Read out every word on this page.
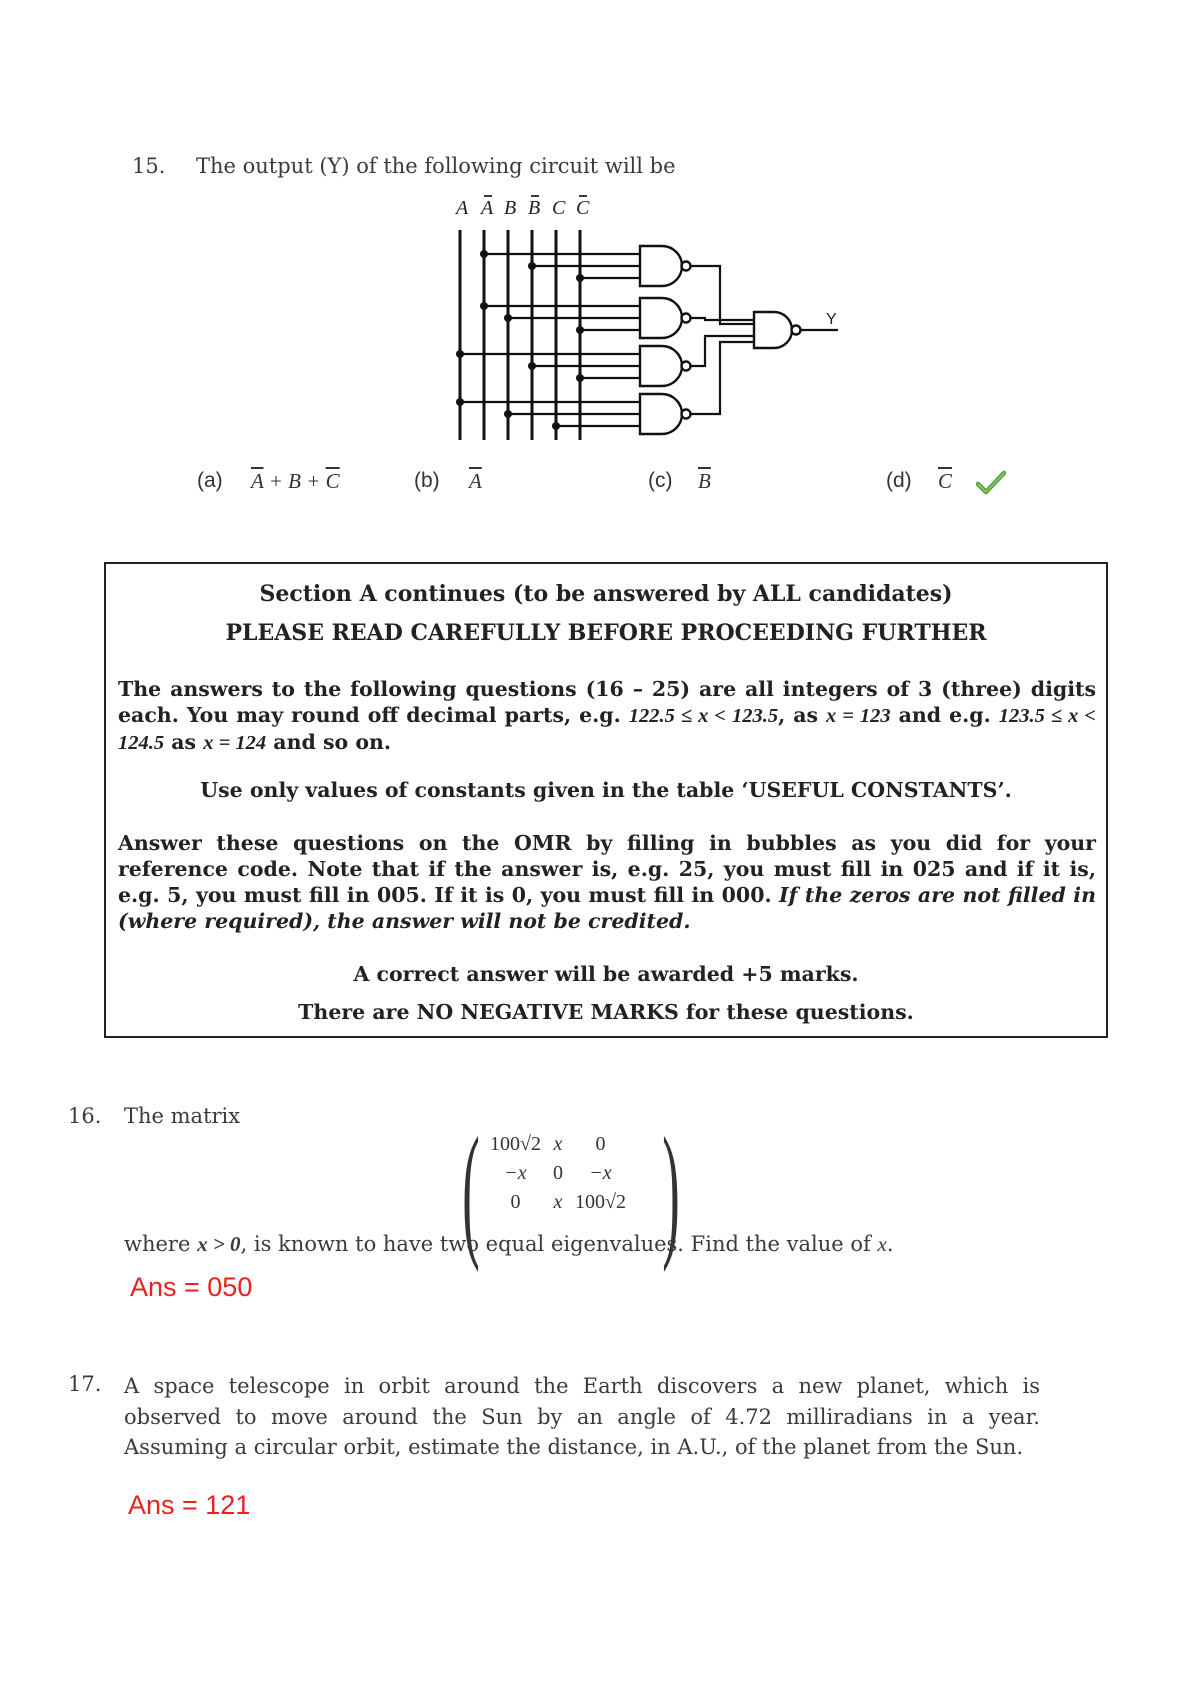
15. The output (Y) of the following circuit will be
A A B B C C
Y
(a) $\overline{A} + B + \overline{C}$	(b) $\overline{A}$	(c) $\overline{B}$	(d) $\overline{C}$
Section A continues (to be answered by ALL candidates)
PLEASE READ CAREFULLY BEFORE PROCEEDING FURTHER
The answers to the following questions (16 – 25) are all integers of 3 (three) digits each. You may round off decimal parts, e.g. 122.5 ≤ x < 123.5, as x = 123 and e.g. 123.5 ≤ x < 124.5 as x = 124 and so on.
Use only values of constants given in the table ‘USEFUL CONSTANTS’.
Answer these questions on the OMR by filling in bubbles as you did for your reference code. Note that if the answer is, e.g. 25, you must fill in 025 and if it is, e.g. 5, you must fill in 005. If it is 0, you must fill in 000. If the zeros are not filled in (where required), the answer will not be credited.
A correct answer will be awarded +5 marks.
There are NO NEGATIVE MARKS for these questions.
16. The matrix ( 100√2	x	0
−x	0	−x
0	x	100√2 )
where x > 0, is known to have two equal eigenvalues. Find the value of x.
Ans = 050
17. A space telescope in orbit around the Earth discovers a new planet, which is observed to move around the Sun by an angle of 4.72 milliradians in a year. Assuming a circular orbit, estimate the distance, in A.U., of the planet from the Sun.
Ans = 121
